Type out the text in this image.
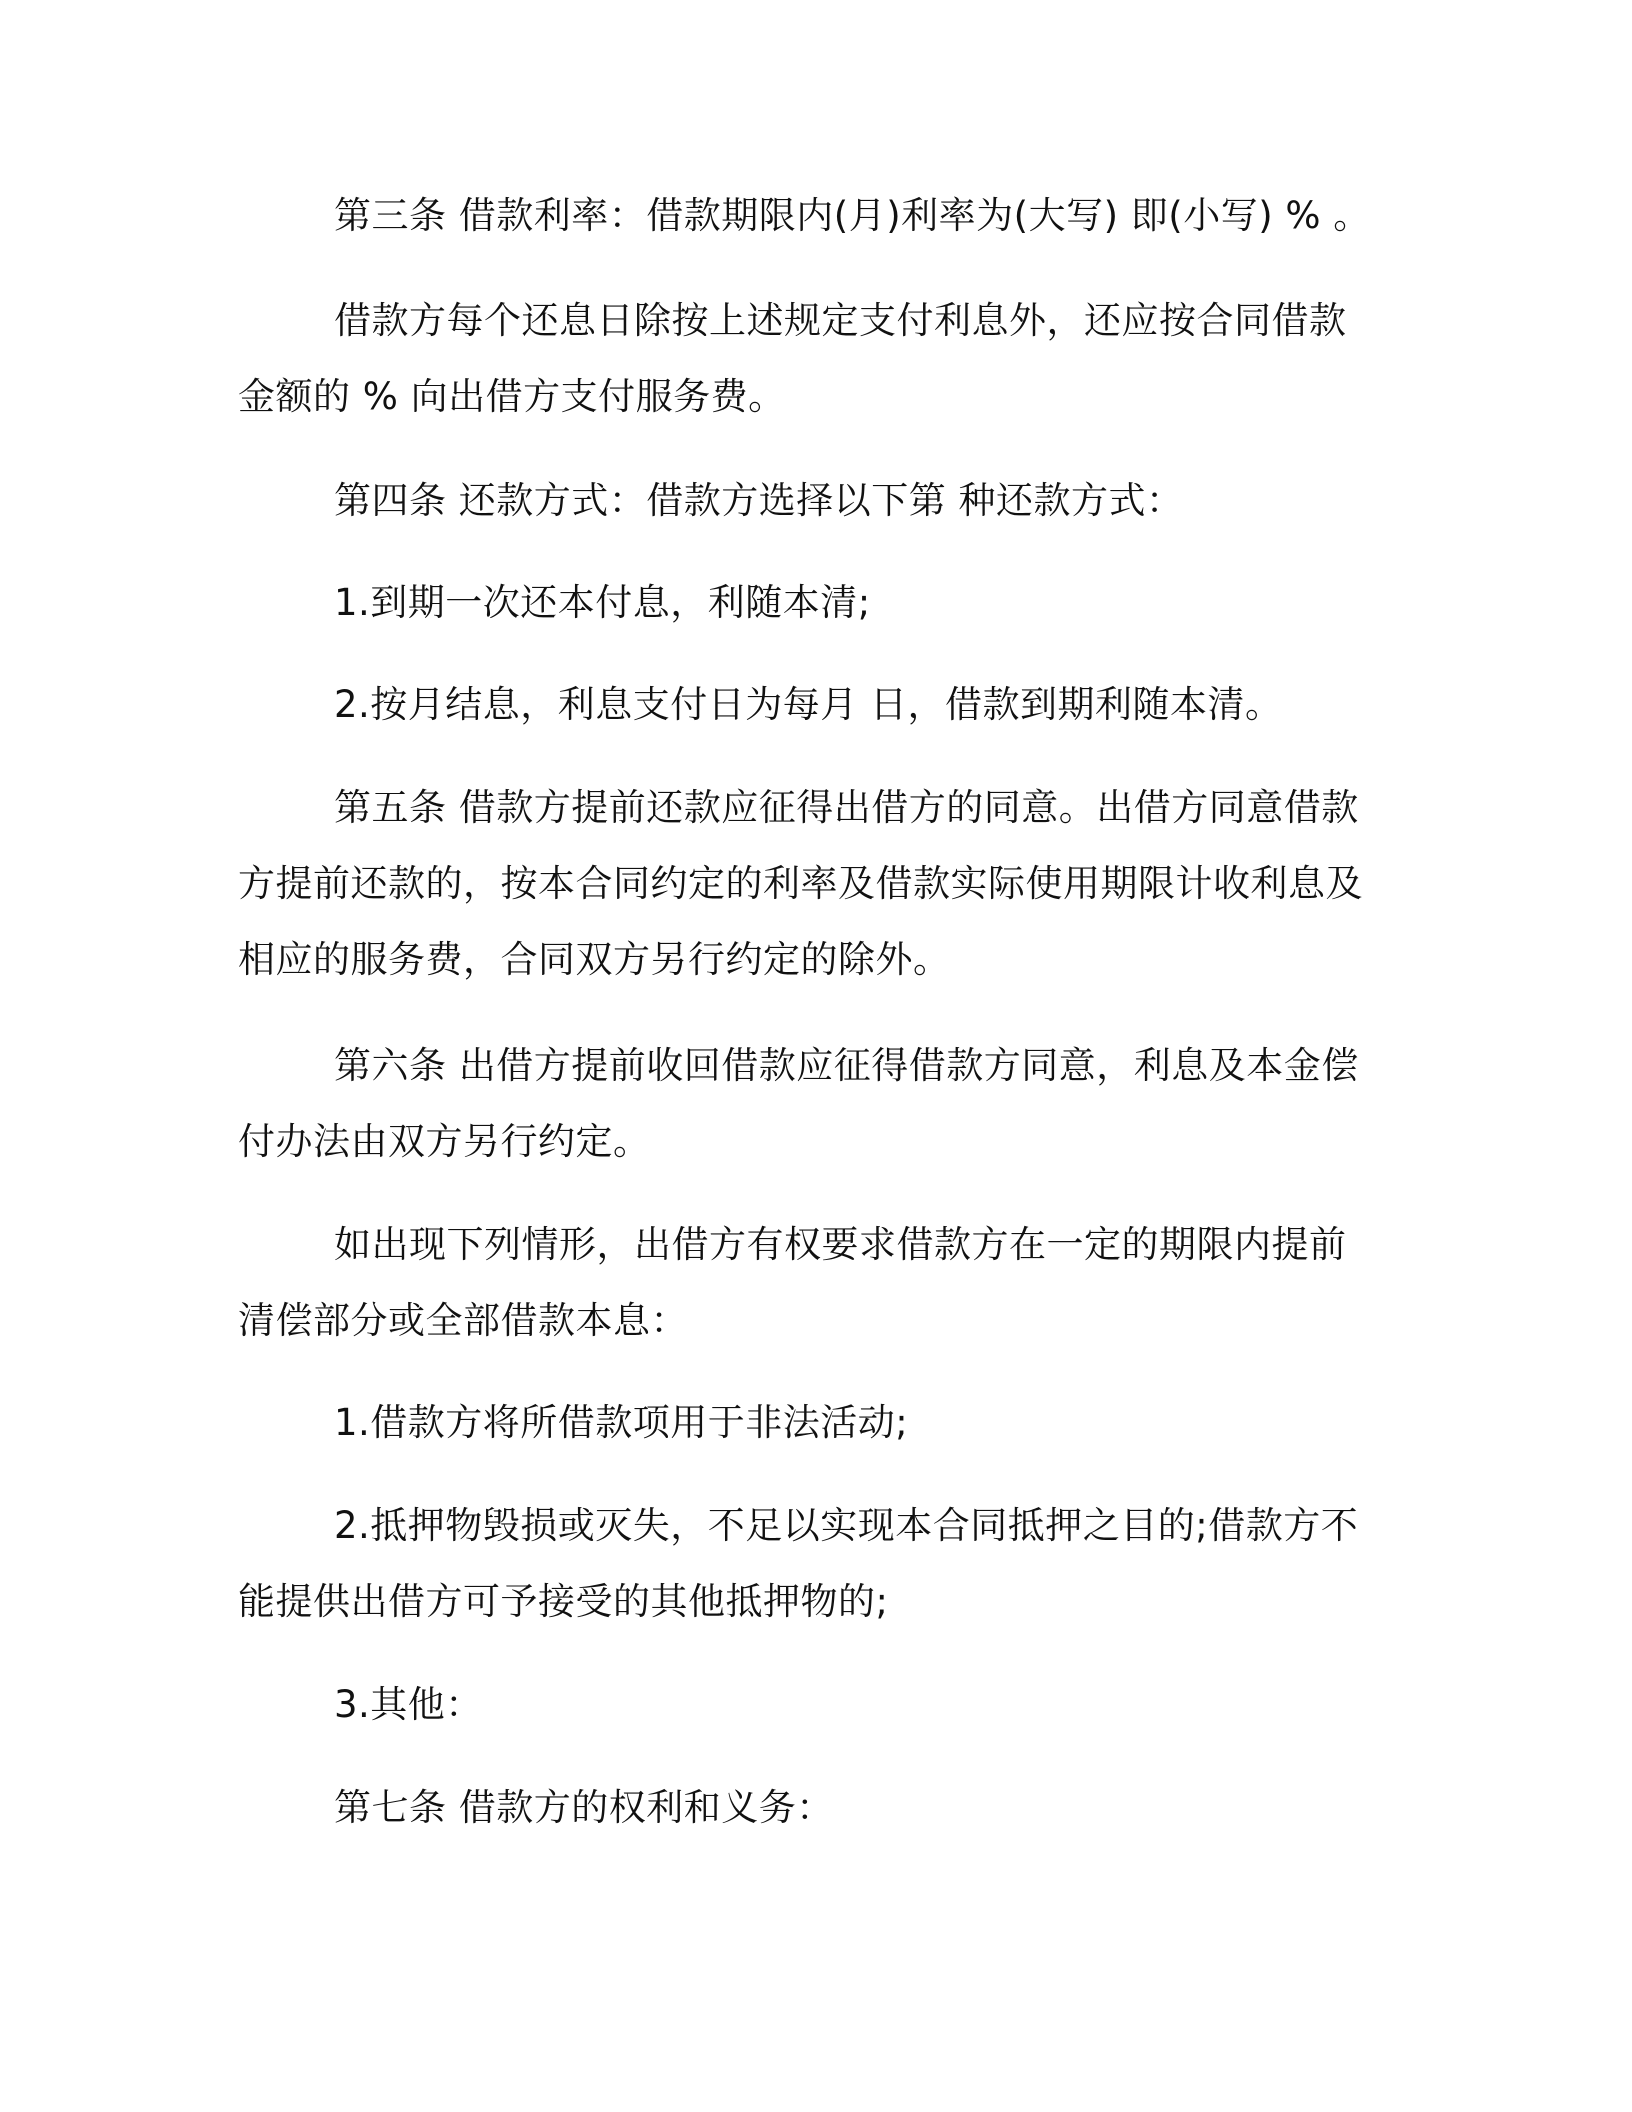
第三条 借款利率：借款期限内(月)利率为(大写) 即(小写) % 。

借款方每个还息日除按上述规定支付利息外，还应按合同借款金额的 % 向出借方支付服务费。

第四条 还款方式：借款方选择以下第 种还款方式：

1.到期一次还本付息，利随本清;

2.按月结息，利息支付日为每月 日，借款到期利随本清。

第五条 借款方提前还款应征得出借方的同意。出借方同意借款方提前还款的，按本合同约定的利率及借款实际使用期限计收利息及相应的服务费，合同双方另行约定的除外。

第六条 出借方提前收回借款应征得借款方同意，利息及本金偿付办法由双方另行约定。

如出现下列情形，出借方有权要求借款方在一定的期限内提前清偿部分或全部借款本息：

1.借款方将所借款项用于非法活动;

2.抵押物毁损或灭失，不足以实现本合同抵押之目的;借款方不能提供出借方可予接受的其他抵押物的;

3.其他：

第七条 借款方的权利和义务：
